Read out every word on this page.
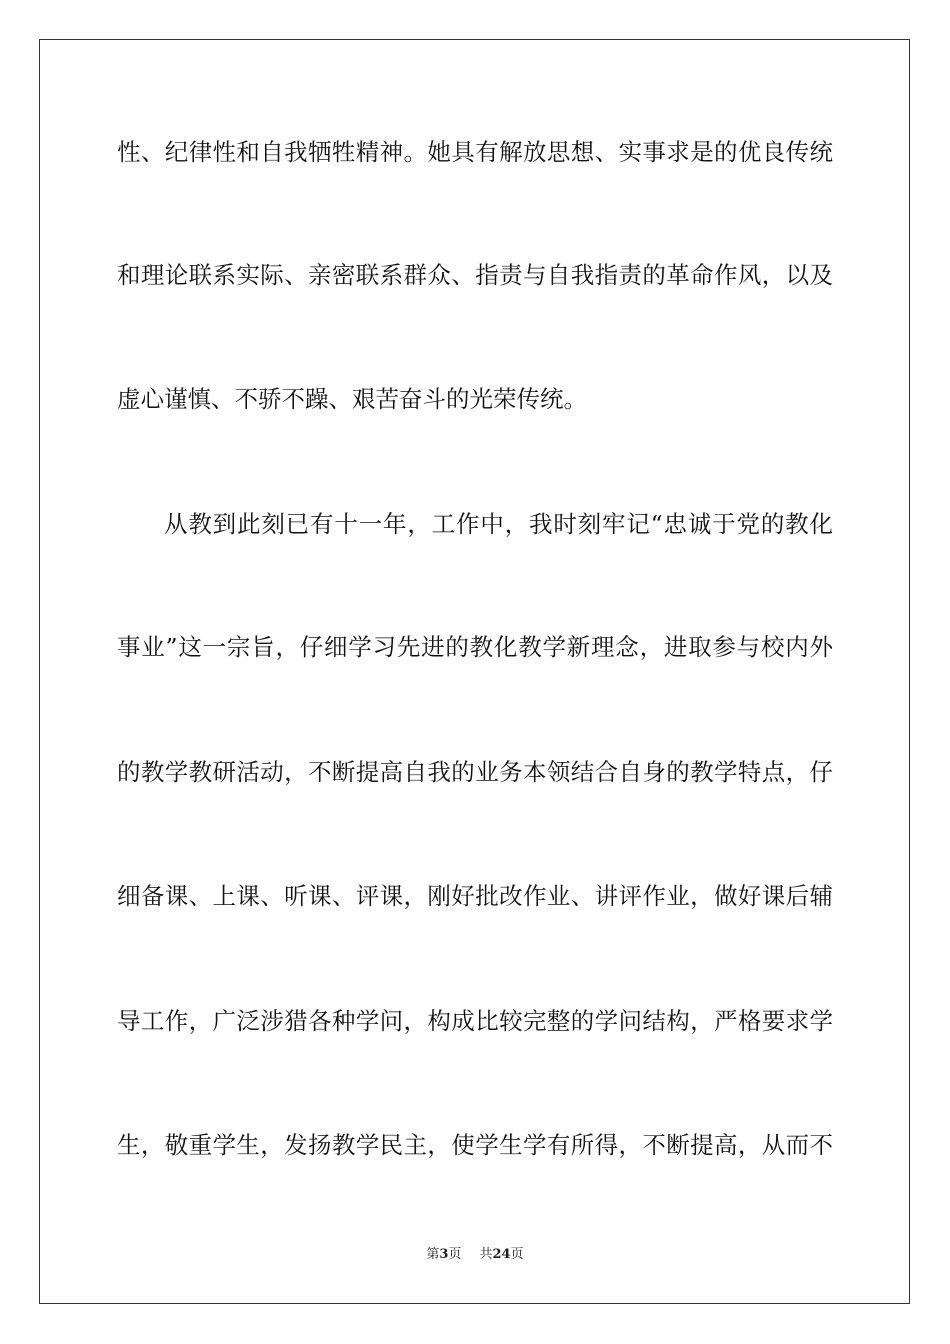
性、纪律性和自我牺牲精神。她具有解放思想、实事求是的优良传统
和理论联系实际、亲密联系群众、指责与自我指责的革命作风，以及
虚心谨慎、不骄不躁、艰苦奋斗的光荣传统。
从教到此刻已有十一年，工作中，我时刻牢记“忠诚于党的教化
事业”这一宗旨，仔细学习先进的教化教学新理念，进取参与校内外
的教学教研活动，不断提高自我的业务本领结合自身的教学特点，仔
细备课、上课、听课、评课，刚好批改作业、讲评作业，做好课后辅
导工作，广泛涉猎各种学问，构成比较完整的学问结构，严格要求学
生，敬重学生，发扬教学民主，使学生学有所得，不断提高，从而不
第3页 共24页
